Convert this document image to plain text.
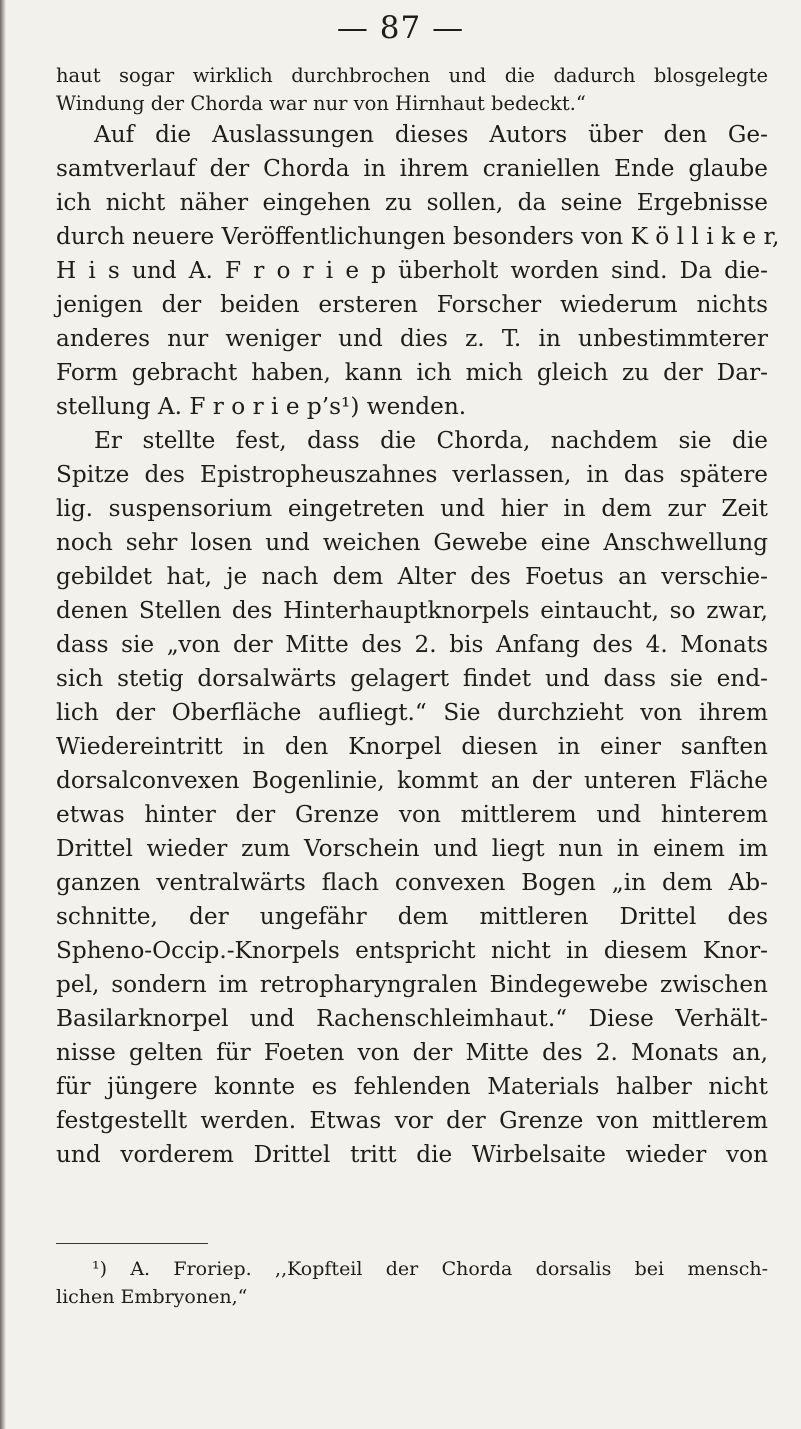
— 87 —
haut sogar wirklich durchbrochen und die dadurch blosgelegte
Windung der Chorda war nur von Hirnhaut bedeckt.“
Auf die Auslassungen dieses Autors über den Ge-
samtverlauf der Chorda in ihrem craniellen Ende glaube
ich nicht näher eingehen zu sollen, da seine Ergebnisse
durch neuere Veröffentlichungen besonders von K ö l l i k e r,
H i s und A. F r o r i e p überholt worden sind. Da die-
jenigen der beiden ersteren Forscher wiederum nichts
anderes nur weniger und dies z. T. in unbestimmterer
Form gebracht haben, kann ich mich gleich zu der Dar-
stellung A. F r o r i e p’s¹) wenden.
Er stellte fest, dass die Chorda, nachdem sie die
Spitze des Epistropheuszahnes verlassen, in das spätere
lig. suspensorium eingetreten und hier in dem zur Zeit
noch sehr losen und weichen Gewebe eine Anschwellung
gebildet hat, je nach dem Alter des Foetus an verschie-
denen Stellen des Hinterhauptknorpels eintaucht, so zwar,
dass sie „von der Mitte des 2. bis Anfang des 4. Monats
sich stetig dorsalwärts gelagert findet und dass sie end-
lich der Oberfläche aufliegt.“ Sie durchzieht von ihrem
Wiedereintritt in den Knorpel diesen in einer sanften
dorsalconvexen Bogenlinie, kommt an der unteren Fläche
etwas hinter der Grenze von mittlerem und hinterem
Drittel wieder zum Vorschein und liegt nun in einem im
ganzen ventralwärts flach convexen Bogen „in dem Ab-
schnitte, der ungefähr dem mittleren Drittel des
Spheno-Occip.-Knorpels entspricht nicht in diesem Knor-
pel, sondern im retropharyngralen Bindegewebe zwischen
Basilarknorpel und Rachenschleimhaut.“ Diese Verhält-
nisse gelten für Foeten von der Mitte des 2. Monats an,
für jüngere konnte es fehlenden Materials halber nicht
festgestellt werden. Etwas vor der Grenze von mittlerem
und vorderem Drittel tritt die Wirbelsaite wieder von
¹) A. Froriep. ,,Kopfteil der Chorda dorsalis bei mensch-
lichen Embryonen,“
